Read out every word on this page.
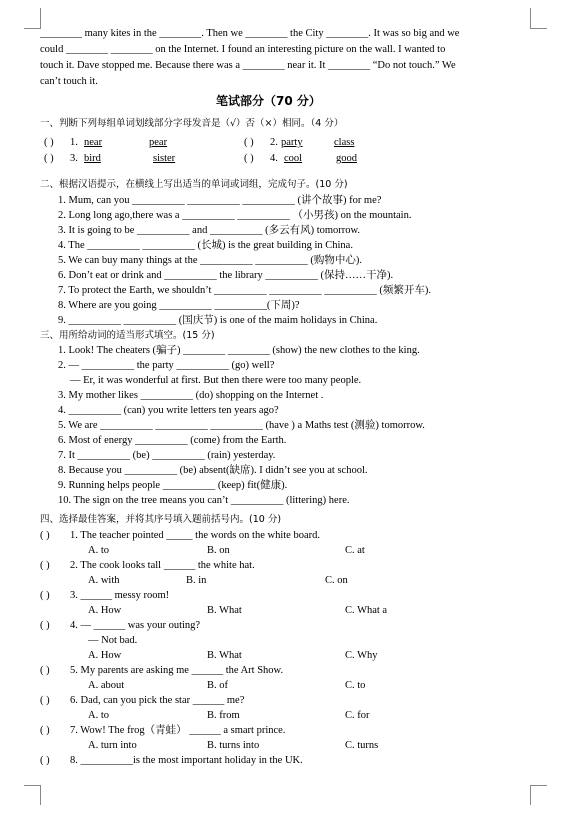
________ many kites in the ________. Then we ________ the City ________. It was so big and we
could ________ ________ on the Internet. I found an interesting picture on the wall. I wanted to
touch it. Dave stopped me. Because there was a ________ near it. It ________ “Do not touch.” We
can’t touch it.
笔试部分（70 分）
一、判断下列每组单词划线部分字母发音是（√）否（×）相同。（4 分）
( ) 1. near	pear	( ) 2. party	class
( ) 3. bird	sister	( ) 4. cool	good
二、根据汉语提示，在横线上写出适当的单词或词组，完成句子。(10 分)
1. Mum, can you __________ __________ __________ (讲个故事) for me?
2. Long long ago,there was a __________ __________ （小男孩) on the mountain.
3. It is going to be __________ and __________ (多云有风) tomorrow.
4. The __________ __________ (长城) is the great building in China.
5. We can buy many things at the __________ __________ (购物中心).
6. Don’t eat or drink and __________ the library __________ (保持……干净).
7. To protect the Earth, we shouldn’t __________ __________ __________ (频繁开车).
8. Where are you going __________ __________(下周)?
9. __________ __________ (国庆节) is one of the maim holidays in China.
三、用所给动词的适当形式填空。(15 分)
1. Look! The cheaters (骗子) ________ ________ (show) the new clothes to the king.
2. — __________ the party __________ (go) well?
— Er, it was wonderful at first. But then there were too many people.
3. My mother likes __________ (do) shopping on the Internet .
4. __________ (can) you write letters ten years ago?
5. We are __________ __________ __________ (have ) a Maths test (测验) tomorrow.
6. Most of energy __________ (come) from the Earth.
7. It __________ (be) __________ (rain) yesterday.
8. Because you __________ (be) absent(缺席). I didn’t see you at school.
9. Running helps people __________ (keep) fit(健康).
10. The sign on the tree means you can’t __________ (littering) here.
四、选择最佳答案，并将其序号填入题前括号内。(10 分)
( ) 1. The teacher pointed _____ the words on the white board.
A. to	B. on	C. at
( ) 2. The cook looks tall ______ the white hat.
A. with	B. in	C. on
( ) 3. ______ messy room!
A. How	B. What	C. What a
( ) 4. — ______ was your outing?
— Not bad.
A. How	B. What	C. Why
( ) 5. My parents are asking me ______ the Art Show.
A. about	B. of	C. to
( ) 6. Dad, can you pick the star ______ me?
A. to	B. from	C. for
( ) 7. Wow! The frog（青蛙） ______ a smart prince.
A. turn into	B. turns into	C. turns
( ) 8. __________is the most important holiday in the UK.
